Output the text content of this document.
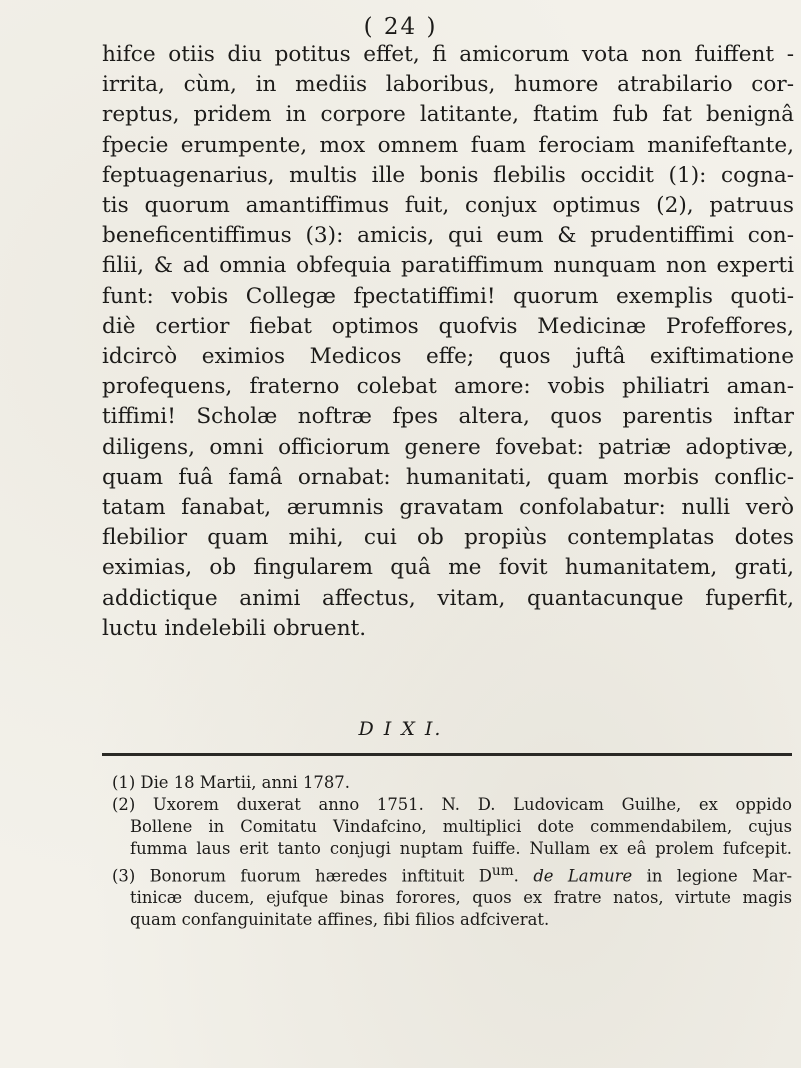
( 24 )
hifce otiis diu potitus effet, fi amicorum vota non fuiffent -
irrita, cùm, in mediis laboribus, humore atrabilario cor-
reptus, pridem in corpore latitante, ftatim fub fat benignâ
fpecie erumpente, mox omnem fuam ferociam manifeftante,
feptuagenarius, multis ille bonis flebilis occidit (1): cogna-
tis quorum amantiffimus fuit, conjux optimus (2), patruus
beneficentiffimus (3): amicis, qui eum & prudentiffimi con-
filii, & ad omnia obfequia paratiffimum nunquam non experti
funt: vobis Collegæ fpectatiffimi! quorum exemplis quoti-
diè certior fiebat optimos quofvis Medicinæ Profeffores,
idcircò eximios Medicos effe; quos juftâ exiftimatione
profequens, fraterno colebat amore: vobis philiatri aman-
tiffimi! Scholæ noftræ fpes altera, quos parentis inftar
diligens, omni officiorum genere fovebat: patriæ adoptivæ,
quam fuâ famâ ornabat: humanitati, quam morbis conflic-
tatam fanabat, ærumnis gravatam confolabatur: nulli verò
flebilior quam mihi, cui ob propiùs contemplatas dotes
eximias, ob fingularem quâ me fovit humanitatem, grati,
addictique animi affectus, vitam, quantacunque fuperfit,
luctu indelebili obruent.
D I X I.
(1) Die 18 Martii, anni 1787.
(2) Uxorem duxerat anno 1751. N. D. Ludovicam Guilhe, ex oppido
Bollene in Comitatu Vindafcino, multiplici dote commendabilem, cujus
fumma laus erit tanto conjugi nuptam fuiffe. Nullam ex eâ prolem fufcepit.
(3) Bonorum fuorum hæredes inftituit $D^{um}$. de Lamure in legione Mar-
tinicæ ducem, ejufque binas forores, quos ex fratre natos, virtute magis
quam confanguinitate affines, fibi filios adfciverat.
